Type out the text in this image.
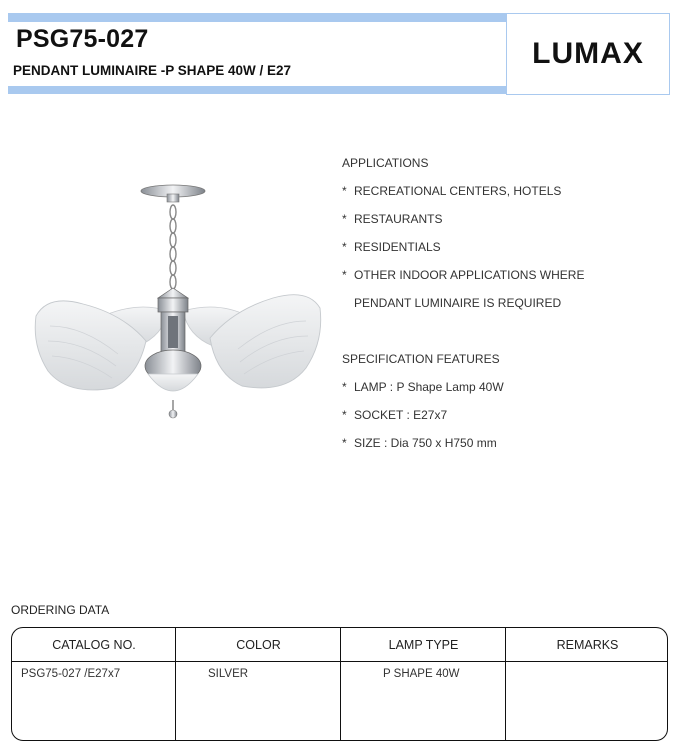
PSG75-027
PENDANT LUMINAIRE -P SHAPE 40W / E27
LUMAX
APPLICATIONS
* RECREATIONAL CENTERS, HOTELS
* RESTAURANTS
* RESIDENTIALS
* OTHER INDOOR APPLICATIONS WHERE
PENDANT LUMINAIRE IS REQUIRED
SPECIFICATION FEATURES
* LAMP : P Shape Lamp 40W
* SOCKET : E27x7
* SIZE : Dia 750 x H750 mm
ORDERING DATA
CATALOG NO.	COLOR	LAMP TYPE	REMARKS
PSG75-027 /E27x7	SILVER	P SHAPE 40W
